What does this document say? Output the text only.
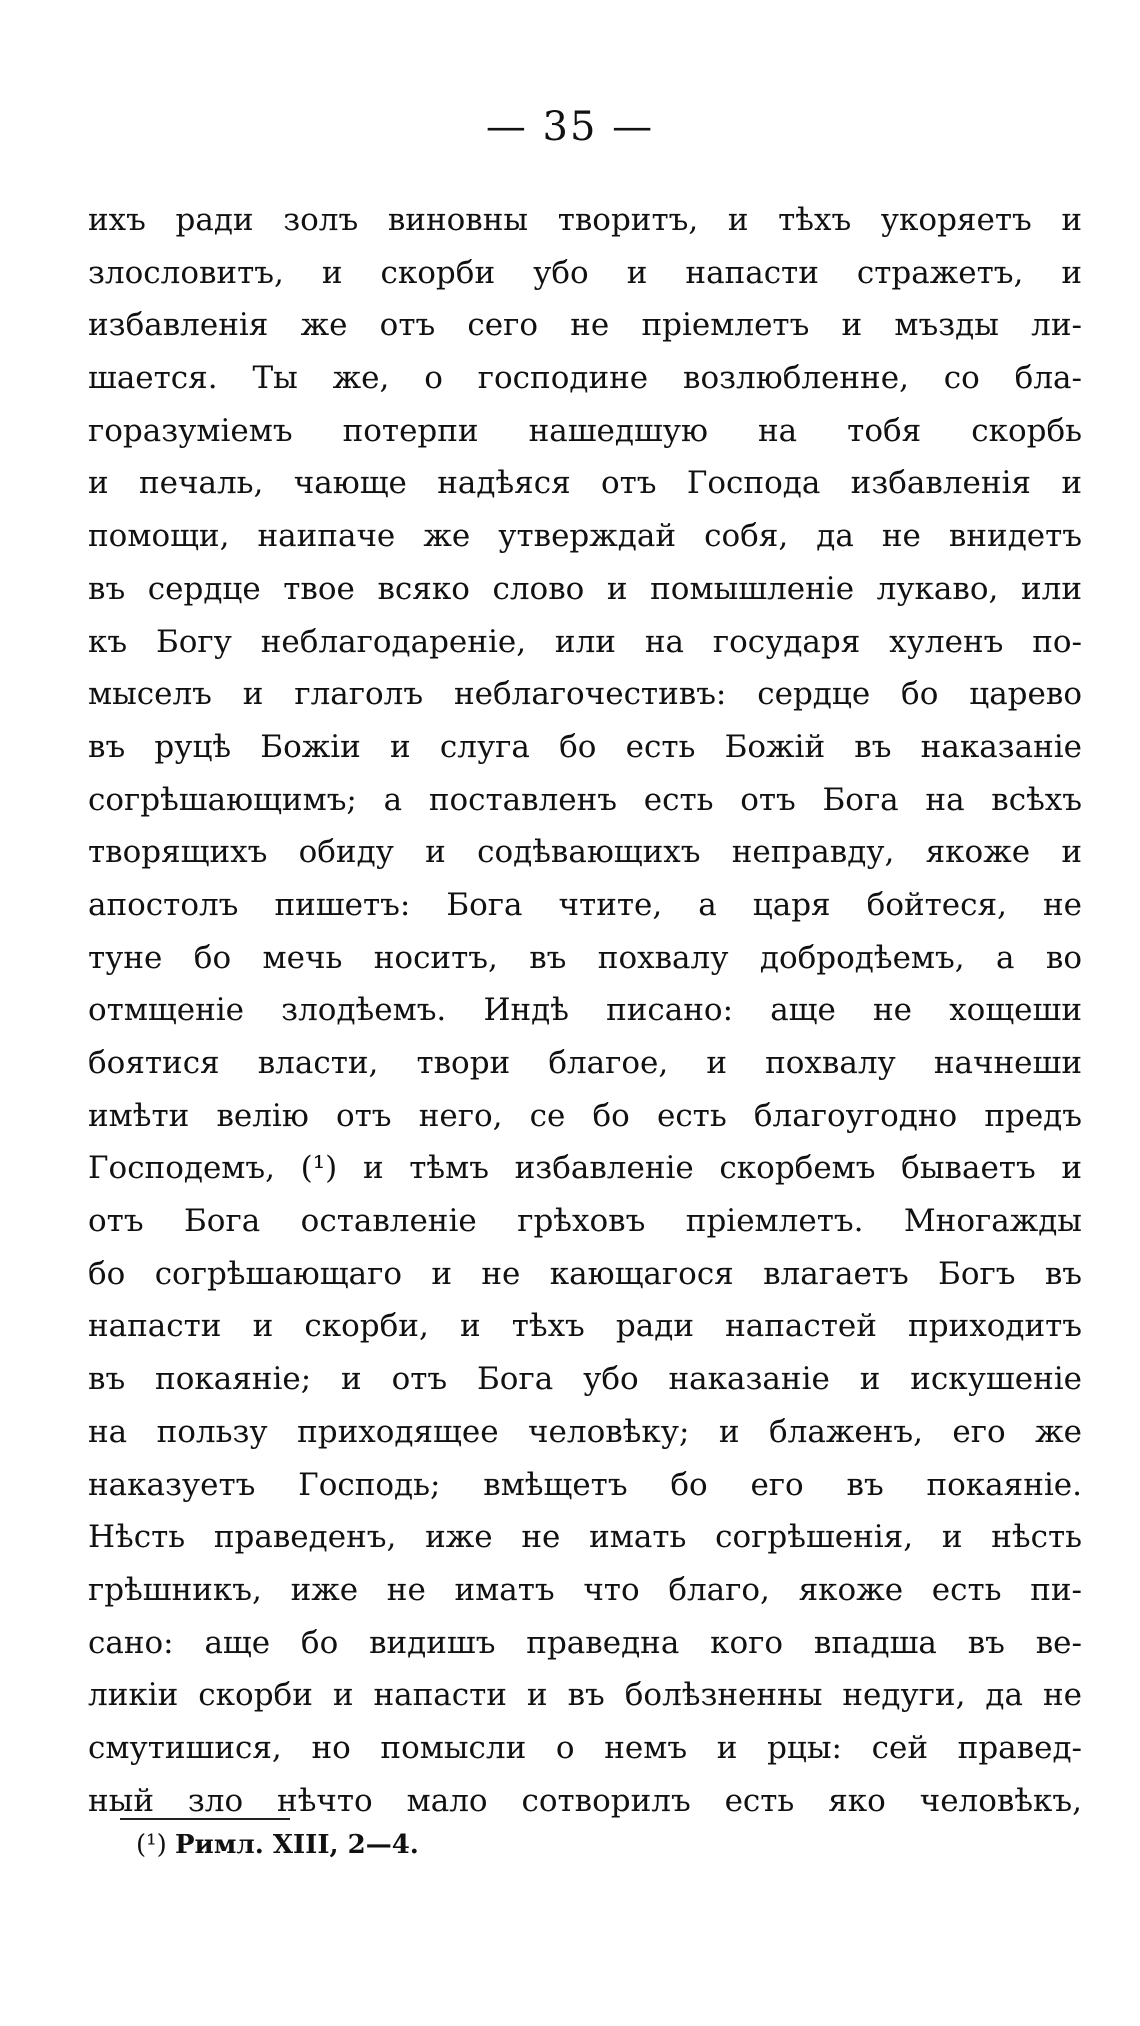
— 35 —
ихъ ради золъ виновны творитъ, и тѣхъ укоряетъ и
злословитъ, и скорби убо и напасти стражетъ, и
избавленія же отъ сего не пріемлетъ и мъзды ли-
шается. Ты же, о господине возлюбленне, со бла-
горазуміемъ потерпи нашедшую на тобя скорбь
и печаль, чающе надѣяся отъ Господа избавленія и
помощи, наипаче же утверждай собя, да не внидетъ
въ сердце твое всяко слово и помышленіе лукаво, или
къ Богу неблагодареніе, или на государя хуленъ по-
мыселъ и глаголъ неблагочестивъ: сердце бо царево
въ руцѣ Божіи и слуга бо есть Божій въ наказаніе
согрѣшающимъ; а поставленъ есть отъ Бога на всѣхъ
творящихъ обиду и содѣвающихъ неправду, якоже и
апостолъ пишетъ: Бога чтите, а царя бойтеся, не
туне бо мечь носитъ, въ похвалу добродѣемъ, а во
отмщеніе злодѣемъ. Индѣ писано: аще не хощеши
боятися власти, твори благое, и похвалу начнеши
имѣти велію отъ него, се бо есть благоугодно предъ
Господемъ, (¹) и тѣмъ избавленіе скорбемъ бываетъ и
отъ Бога оставленіе грѣховъ пріемлетъ. Многажды
бо согрѣшающаго и не кающагося влагаетъ Богъ въ
напасти и скорби, и тѣхъ ради напастей приходитъ
въ покаяніе; и отъ Бога убо наказаніе и искушеніе
на пользу приходящее человѣку; и блаженъ, его же
наказуетъ Господь; вмѣщетъ бо его въ покаяніе.
Нѣсть праведенъ, иже не имать согрѣшенія, и нѣсть
грѣшникъ, иже не иматъ что благо, якоже есть пи-
сано: аще бо видишъ праведна кого впадша въ ве-
ликіи скорби и напасти и въ болѣзненны недуги, да не
смутишися, но помысли о немъ и рцы: сей правед-
ный зло нѣчто мало сотворилъ есть яко человѣкъ,
(¹) Римл. XIII, 2—4.
